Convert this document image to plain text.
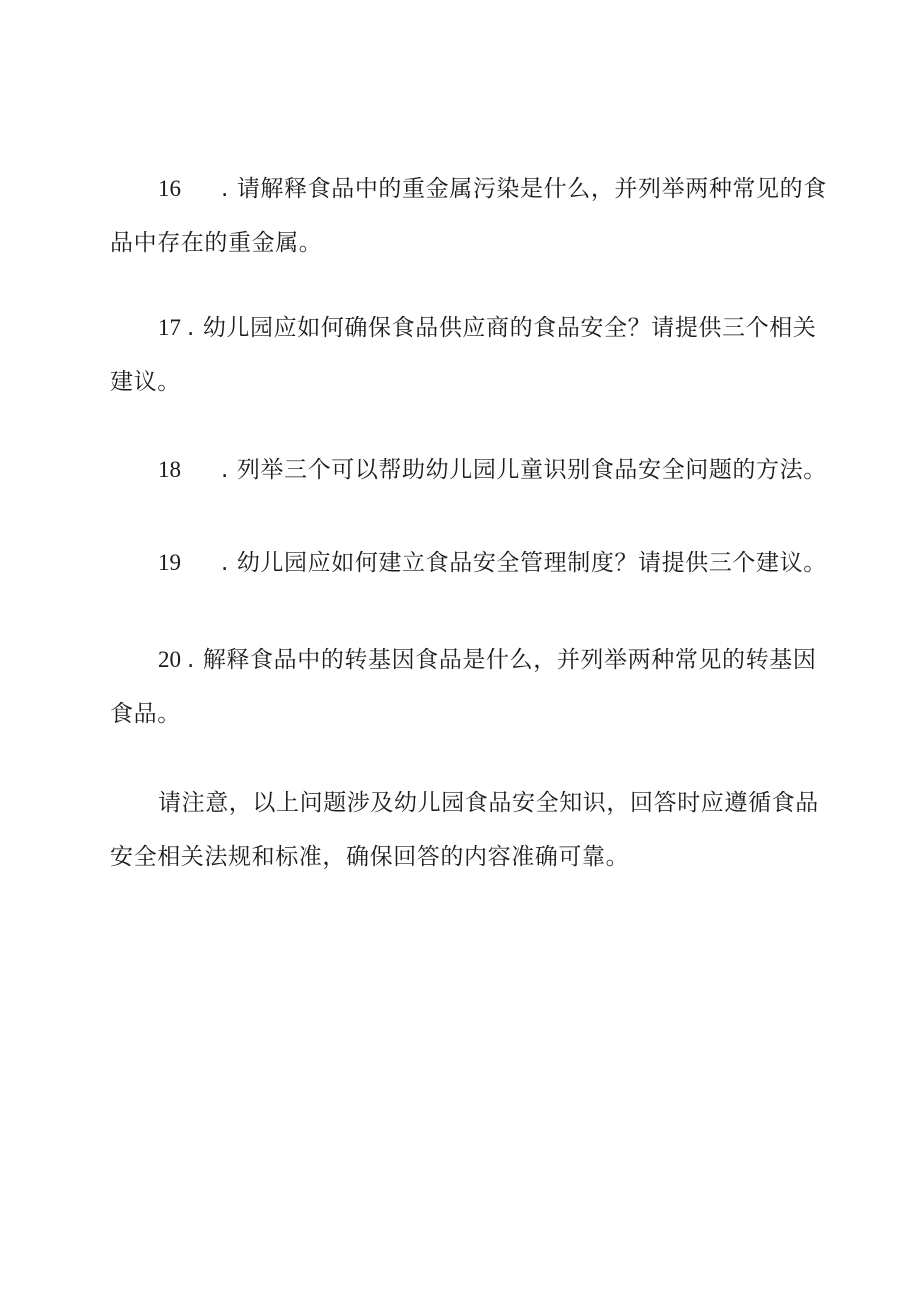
16 . 请解释食品中的重金属污染是什么，并列举两种常见的食
品中存在的重金属。
17 . 幼儿园应如何确保食品供应商的食品安全？请提供三个相关
建议。
18 . 列举三个可以帮助幼儿园儿童识别食品安全问题的方法。
19 . 幼儿园应如何建立食品安全管理制度？请提供三个建议。
20 . 解释食品中的转基因食品是什么，并列举两种常见的转基因
食品。
请注意，以上问题涉及幼儿园食品安全知识，回答时应遵循食品
安全相关法规和标准，确保回答的内容准确可靠。
